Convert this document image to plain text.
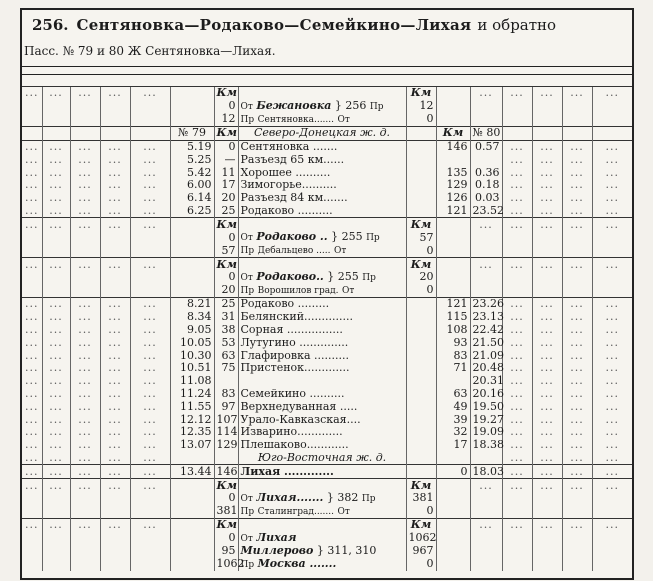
256. Сентяновка—Родаково—Семейкино—Лихая и обратно
Пасс. № 79 и 80 Ж Сентяновка—Лихая.
...	...	...	...	...		Км		Км		...	...	...	...	...
						0	От Бежановка } 256 Пр	12						
						12	Пр Сентяновка....... От	0						
					№ 79	Км	Северо-Донецкая ж. д.		Км	№ 80				
...	...	...	...	...	5.19	0	Сентяновка .......		146	0.57	...	...	...	...
...	...	...	...	...	5.25	—	Разъезд 65 км......				...	...	...	...
...	...	...	...	...	5.42	11	Хорошее ..........		135	0.36	...	...	...	...
...	...	...	...	...	6.00	17	Зимогорье..........		129	0.18	...	...	...	...
...	...	...	...	...	6.14	20	Разъезд 84 км.......		126	0.03	...	...	...	...
...	...	...	...	...	6.25	25	Родаково ..........		121	23.52	...	...	...	...
...	...	...	...	...		Км		Км		...	...	...	...	...
						0	От Родаково .. } 255 Пр	57						
						57	Пр Дебальцево ..... От	0						
...	...	...	...	...		Км		Км		...	...	...	...	...
						0	От Родаково.. } 255 Пр	20						
						20	Пр Ворошилов град. От	0						
...	...	...	...	...	8.21	25	Родаково .........		121	23.26	...	...	...	...
...	...	...	...	...	8.34	31	Белянский..............		115	23.13	...	...	...	...
...	...	...	...	...	9.05	38	Сорная ................		108	22.42	...	...	...	...
...	...	...	...	...	10.05	53	Лутугино ..............		93	21.50	...	...	...	...
...	...	...	...	...	10.30	63	Глафировка ..........		83	21.09	...	...	...	...
...	...	...	...	...	10.51	75	Пристенок.............		71	20.48	...	...	...	...
...	...	...	...	...	11.08					20.31	...	...	...	...
...	...	...	...	...	11.24	83	Семейкино ..........		63	20.16	...	...	...	...
...	...	...	...	...	11.55	97	Верхнедуванная .....		49	19.50	...	...	...	...
...	...	...	...	...	12.12	107	Урало-Кавказская....		39	19.27	...	...	...	...
...	...	...	...	...	12.35	114	Изварино.............		32	19.09	...	...	...	...
...	...	...	...	...	13.07	129	Плешаково............		17	18.38	...	...	...	...
...	...	...	...	...			Юго-Восточная ж. д.				...	...	...	...
...	...	...	...	...	13.44	146	Лихая .............		0	18.03	...	...	...	...
...	...	...	...	...		Км		Км		...	...	...	...	...
						0	От Лихая....... } 382 Пр	381						
						381	Пр Сталинград....... От	0						
...	...	...	...	...		Км		Км		...	...	...	...	...
						0	От Лихая	1062						
						95	Миллерово } 311, 310	967						
						1062	Пр Москва .......	0						
